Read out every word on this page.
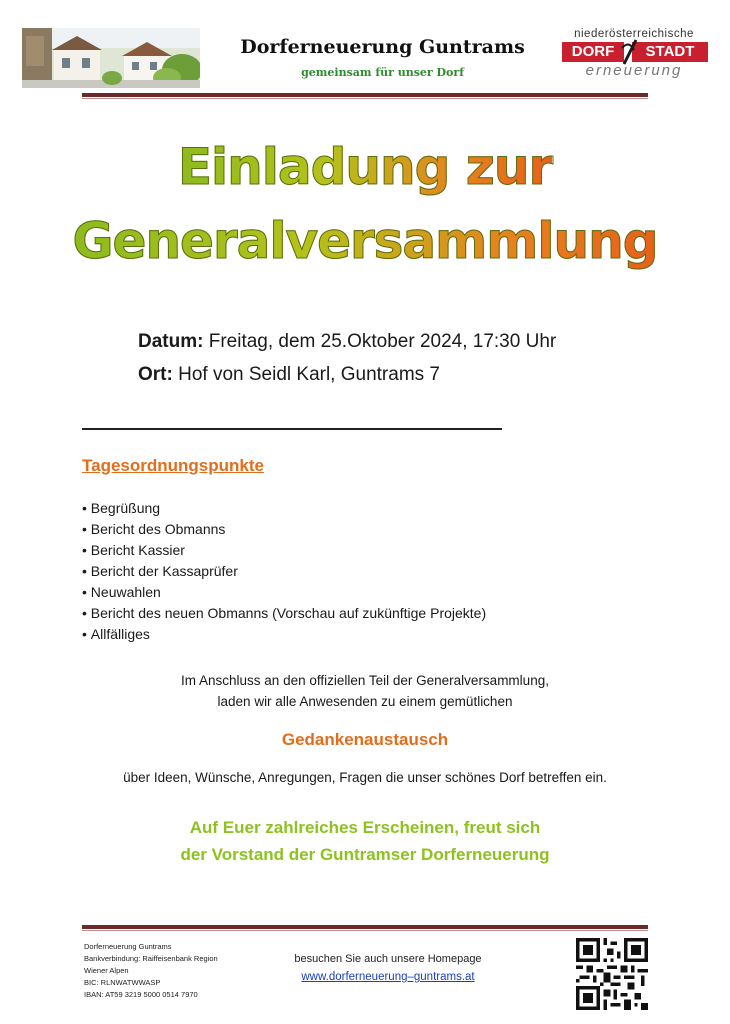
Dorferneuerung Guntrams
gemeinsam für unser Dorf
niederösterreichische
DORF	STADT
erneuerung
Einladung zur
Generalversammlung
Datum: Freitag, dem 25.Oktober 2024, 17:30 Uhr
Ort: Hof von Seidl Karl, Guntrams 7
Tagesordnungspunkte
• Begrüßung
• Bericht des Obmanns
• Bericht Kassier
• Bericht der Kassaprüfer
• Neuwahlen
• Bericht des neuen Obmanns (Vorschau auf zukünftige Projekte)
• Allfälliges
Im Anschluss an den offiziellen Teil der Generalversammlung,
laden wir alle Anwesenden zu einem gemütlichen
Gedankenaustausch
über Ideen, Wünsche, Anregungen, Fragen die unser schönes Dorf betreffen ein.
Auf Euer zahlreiches Erscheinen, freut sich
der Vorstand der Guntramser Dorferneuerung
Dorferneuerung Guntrams
Bankverbindung: Raiffeisenbank Region
Wiener Alpen
BIC: RLNWATWWASP
IBAN: AT59 3219 5000 0514 7970
besuchen Sie auch unsere Homepage
www.dorferneuerung–guntrams.at
